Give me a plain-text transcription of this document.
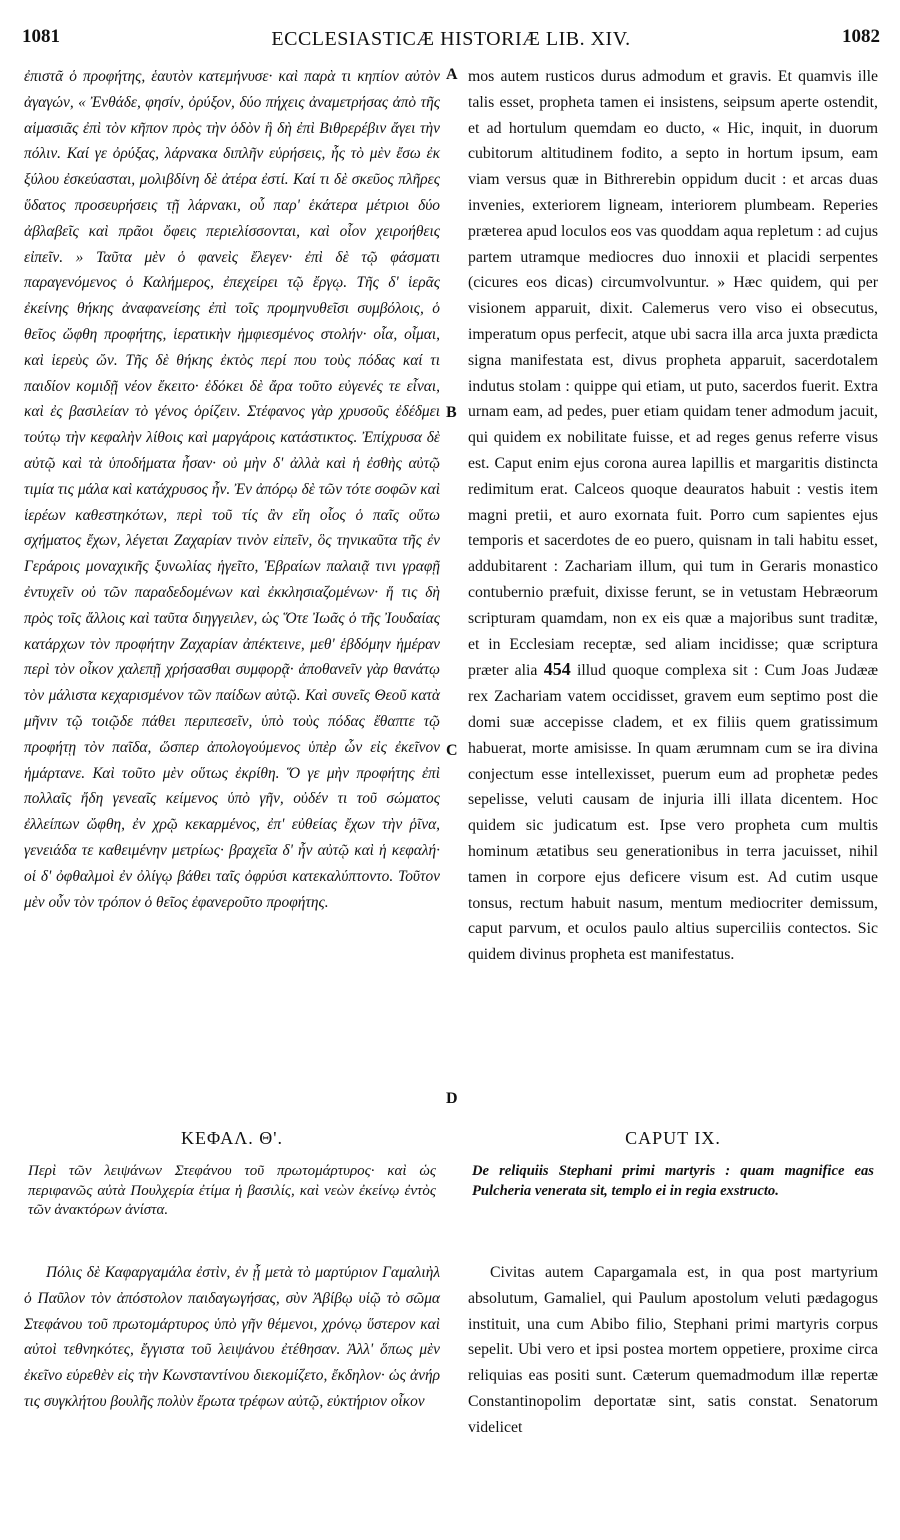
1081	ECCLESIASTICÆ HISTORIÆ LIB. XIV.	1082

ἐπιστᾶ ὁ προφήτης, ἑαυτὸν κατεμήνυσε· καὶ παρὰ τι κηπίον αὐτὸν ἀγαγών, « Ἐνθάδε, φησίν, ὀρύξον, δύο πήχεις ἀναμετρήσας ἀπὸ τῆς αἱμασιᾶς ἐπὶ τὸν κῆπον πρὸς τὴν ὁδὸν ἣ δὴ ἐπὶ Βιθρερέβιν ἄγει τὴν πόλιν. Καί γε ὀρύξας, λάρνακα διπλῆν εὑρήσεις, ἧς τὸ μὲν ἔσω ἐκ ξύλου ἐσκεύασται, μολιβδίνη δὲ ἀτέρα ἐστί. Καί τι δὲ σκεῦος πλῆρες ὕδατος προσευρήσεις τῇ λάρνακι, οὗ παρ' ἑκάτερα μέτριοι δύο ἀβλαβεῖς καὶ πρᾶοι ὄφεις περιελίσσονται, καὶ οἷον χειροήθεις εἰπεῖν. » Ταῦτα μὲν ὁ φανεὶς ἔλεγεν· ἐπὶ δὲ τῷ φάσματι παραγενόμενος ὁ Καλήμερος, ἐπεχείρει τῷ ἔργῳ. Τῆς δ' ἱερᾶς ἐκείνης θήκης ἀναφανείσης ἐπὶ τοῖς προμηνυθεῖσι συμβόλοις, ὁ θεῖος ὤφθη προφήτης, ἱερατικὴν ἠμφιεσμένος στολήν· οἷα, οἶμαι, καὶ ἱερεὺς ὤν. Τῆς δὲ θήκης ἐκτὸς περί που τοὺς πόδας καί τι παιδίον κομιδῇ νέον ἔκειτο· ἐδόκει δὲ ἄρα τοῦτο εὐγενές τε εἶναι, καὶ ἐς βασιλείαν τὸ γένος ὁρίζειν. Στέφανος γὰρ χρυσοῦς ἐδέδμει τούτῳ τὴν κεφαλὴν λίθοις καὶ μαργάροις κατάστικτος. Ἐπίχρυσα δὲ αὐτῷ καὶ τὰ ὑποδήματα ἦσαν· οὐ μὴν δ' ἀλλὰ καὶ ἡ ἐσθὴς αὐτῷ τιμία τις μάλα καὶ κατάχρυσος ἦν. Ἐν ἀπόρῳ δὲ τῶν τότε σοφῶν καὶ ἱερέων καθεστηκότων, περὶ τοῦ τίς ἂν εἴη οἷος ὁ παῖς οὕτω σχήματος ἔχων, λέγεται Ζαχαρίαν τινὸν εἰπεῖν, ὃς τηνικαῦτα τῆς ἐν Γεράροις μοναχικῆς ξυνωλίας ἡγεῖτο, Ἑβραίων παλαιᾷ τινι γραφῇ ἐντυχεῖν οὐ τῶν παραδεδομένων καὶ ἐκκλησιαζομένων· ἥ τις δὴ πρὸς τοῖς ἄλλοις καὶ ταῦτα διηγγειλεν, ὡς Ὅτε Ἰωᾶς ὁ τῆς Ἰουδαίας κατάρχων τὸν προφήτην Ζαχαρίαν ἀπέκτεινε, μεθ' ἑβδόμην ἡμέραν περὶ τὸν οἶκον χαλεπῇ χρήσασθαι συμφορᾷ· ἀποθανεῖν γὰρ θανάτῳ τὸν μάλιστα κεχαρισμένον τῶν παίδων αὐτῷ. Καὶ συνεῖς Θεοῦ κατὰ μῆνιν τῷ τοιῷδε πάθει περιπεσεῖν, ὑπὸ τοὺς πόδας ἔθαπτε τῷ προφήτῃ τὸν παῖδα, ὥσπερ ἀπολογούμενος ὑπὲρ ὧν εἰς ἐκεῖνον ἡμάρτανε. Καὶ τοῦτο μὲν οὕτως ἐκρίθη. Ὅ γε μὴν προφήτης ἐπὶ πολλαῖς ἤδη γενεαῖς κείμενος ὑπὸ γῆν, οὐδέν τι τοῦ σώματος ἐλλείπων ὤφθη, ἐν χρῷ κεκαρμένος, ἐπ' εὐθείας ἔχων τὴν ῥῖνα, γενειάδα τε καθειμένην μετρίως· βραχεῖα δ' ἦν αὐτῷ καὶ ἡ κεφαλή· οἱ δ' ὀφθαλμοὶ ἐν ὀλίγῳ βάθει ταῖς ὀφρύσι κατεκαλύπτοντο. Τοῦτον μὲν οὖν τὸν τρόπον ὁ θεῖος ἐφανεροῦτο προφήτης.

mos autem rusticos durus admodum et gravis. Et quamvis ille talis esset, propheta tamen ei insistens, seipsum aperte ostendit, et ad hortulum quemdam eo ducto, « Hic, inquit, in duorum cubitorum altitudinem fodito, a septo in hortum ipsum, eam viam versus quæ in Bithrerebin oppidum ducit : et arcas duas invenies, exteriorem ligneam, interiorem plumbeam. Reperies præterea apud loculos eos vas quoddam aqua repletum : ad cujus partem utramque mediocres duo innoxii et placidi serpentes (cicures eos dicas) circumvolvuntur. » Hæc quidem, qui per visionem apparuit, dixit. Calemerus vero viso ei obsecutus, imperatum opus perfecit, atque ubi sacra illa arca juxta prædicta signa manifestata est, divus propheta apparuit, sacerdotalem indutus stolam : quippe qui etiam, ut puto, sacerdos fuerit. Extra urnam eam, ad pedes, puer etiam quidam tener admodum jacuit, qui quidem ex nobilitate fuisse, et ad reges genus referre visus est. Caput enim ejus corona aurea lapillis et margaritis distincta redimitum erat. Calceos quoque deauratos habuit : vestis item magni pretii, et auro exornata fuit. Porro cum sapientes ejus temporis et sacerdotes de eo puero, quisnam in tali habitu esset, addubitarent : Zachariam illum, qui tum in Geraris monastico contubernio præfuit, dixisse ferunt, se in vetustam Hebræorum scripturam quamdam, non ex eis quæ a majoribus sunt traditæ, et in Ecclesiam receptæ, sed aliam incidisse; quæ scriptura præter alia 454 illud quoque complexa sit : Cum Joas Judææ rex Zachariam vatem occidisset, gravem eum septimo post die domi suæ accepisse cladem, et ex filiis quem gratissimum habuerat, morte amisisse. In quam ærumnam cum se ira divina conjectum esse intellexisset, puerum eum ad prophetæ pedes sepelisse, veluti causam de injuria illi illata dicentem. Hoc quidem sic judicatum est. Ipse vero propheta cum multis hominum ætatibus seu generationibus in terra jacuisset, nihil tamen in corpore ejus deficere visum est. Ad cutim usque tonsus, rectum habuit nasum, mentum mediocriter demissum, caput parvum, et oculos paulo altius superciliis contectos. Sic quidem divinus propheta est manifestatus.

A
B
C
D
ΚΕΦΑΛ. Θ'.	CAPUT IX.
Περὶ τῶν λειψάνων Στεφάνου τοῦ πρωτομάρτυρος· καὶ ὡς περιφανῶς αὐτὰ Πουλχερία ἐτίμα ἡ βασιλίς, καὶ νεὼν ἐκείνῳ ἐντὸς τῶν ἀνακτόρων ἀνίστα.
De reliquiis Stephani primi martyris : quam magnifice eas Pulcheria venerata sit, templo ei in regia exstructo.

Πόλις δὲ Καφαργαμάλα ἐστὶν, ἐν ᾗ μετὰ τὸ μαρτύριον Γαμαλιὴλ ὁ Παῦλον τὸν ἀπόστολον παιδαγωγήσας, σὺν Ἀβίβῳ υἱῷ τὸ σῶμα Στεφάνου τοῦ πρωτομάρτυρος ὑπὸ γῆν θέμενοι, χρόνῳ ὕστερον καὶ αὐτοὶ τεθνηκότες, ἔγγιστα τοῦ λειψάνου ἐτέθησαν. Ἀλλ' ὅπως μὲν ἐκεῖνο εὑρεθὲν εἰς τὴν Κωνσταντίνου διεκομίζετο, ἔκδηλον· ὡς ἀνήρ τις συγκλήτου βουλῆς πολὺν ἔρωτα τρέφων αὐτῷ, εὐκτήριον οἶκον

Civitas autem Capargamala est, in qua post martyrium absolutum, Gamaliel, qui Paulum apostolum veluti pædagogus instituit, una cum Abibo filio, Stephani primi martyris corpus sepelit. Ubi vero et ipsi postea mortem oppetiere, proxime circa reliquias eas positi sunt. Cæterum quemadmodum illæ repertæ Constantinopolim deportatæ sint, satis constat. Senatorum videlicet
